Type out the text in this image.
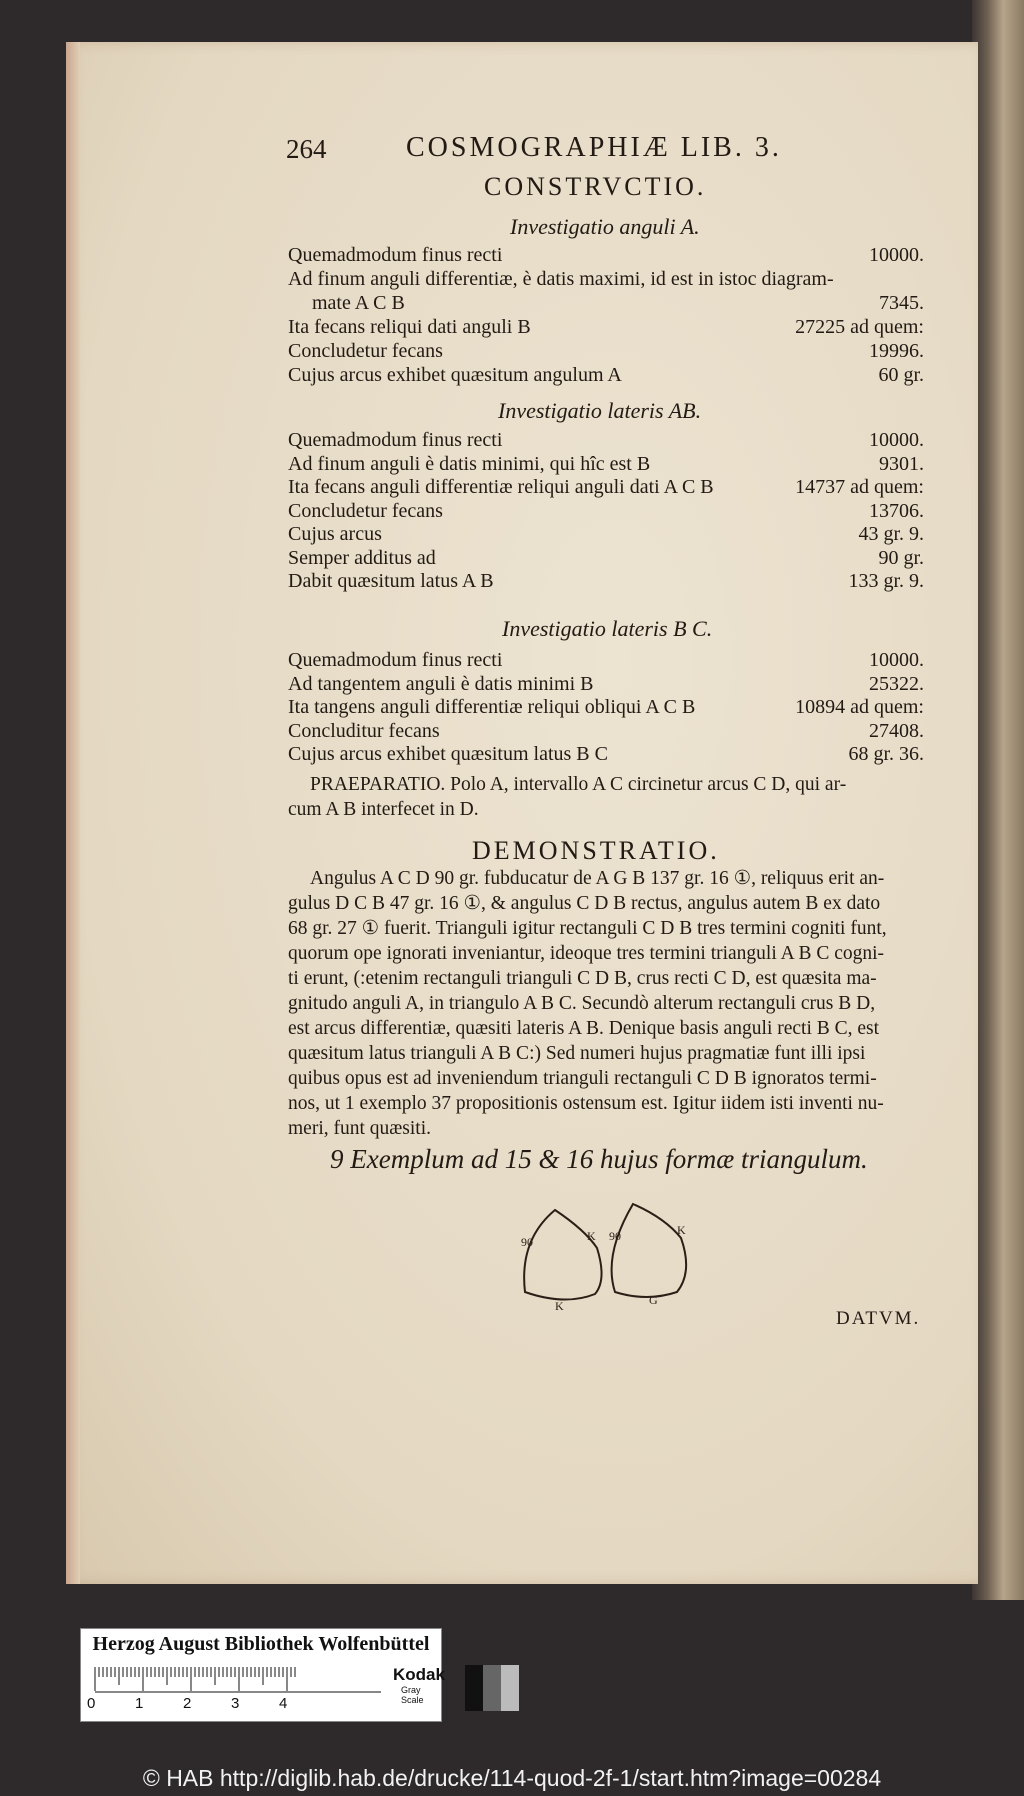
264	COSMOGRAPHIÆ LIB. 3.
CONSTRVCTIO.
Investigatio anguli A.
Quemadmodum finus recti	10000.
Ad finum anguli differentiæ, è datis maximi, id est in istoc diagram-
mate A C B	7345.
Ita fecans reliqui dati anguli B	27225 ad quem:
Concludetur fecans	19996.
Cujus arcus exhibet quæsitum angulum A	60 gr.
Investigatio lateris AB.
Quemadmodum finus recti	10000.
Ad finum anguli è datis minimi, qui hîc est B	9301.
Ita fecans anguli differentiæ reliqui anguli dati A C B	14737 ad quem:
Concludetur fecans	13706.
Cujus arcus	43 gr. 9.
Semper additus ad	90 gr.
Dabit quæsitum latus A B	133 gr. 9.
Investigatio lateris B C.
Quemadmodum finus recti	10000.
Ad tangentem anguli è datis minimi B	25322.
Ita tangens anguli differentiæ reliqui obliqui A C B	10894 ad quem:
Concluditur fecans	27408.
Cujus arcus exhibet quæsitum latus B C	68 gr. 36.
PRAEPARATIO. Polo A, intervallo A C circinetur arcus C D, qui ar-
cum A B interfecet in D.
DEMONSTRATIO.
Angulus A C D 90 gr. fubducatur de A G B 137 gr. 16 ①, reliquus erit an-
gulus D C B 47 gr. 16 ①, & angulus C D B rectus, angulus autem B ex dato
68 gr. 27 ① fuerit. Trianguli igitur rectanguli C D B tres termini cogniti funt,
quorum ope ignorati inveniantur, ideoque tres termini trianguli A B C cogni-
ti erunt, (:etenim rectanguli trianguli C D B, crus recti C D, est quæsita ma-
gnitudo anguli A, in triangulo A B C. Secundò alterum rectanguli crus B D,
est arcus differentiæ, quæsiti lateris A B. Denique basis anguli recti B C, est
quæsitum latus trianguli A B C:) Sed numeri hujus pragmatiæ funt illi ipsi
quibus opus est ad inveniendum trianguli rectanguli C D B ignoratos termi-
nos, ut 1 exemplo 37 propositionis ostensum est. Igitur iidem isti inventi nu-
meri, funt quæsiti.
9 Exemplum ad 15 & 16 hujus formæ triangulum.
90	K
K
90	K
G
DATVM.
Herzog August Bibliothek Wolfenbüttel
0	1	2	3	4
Kodak
Gray Scale
© HAB http://diglib.hab.de/drucke/114-quod-2f-1/start.htm?image=00284
